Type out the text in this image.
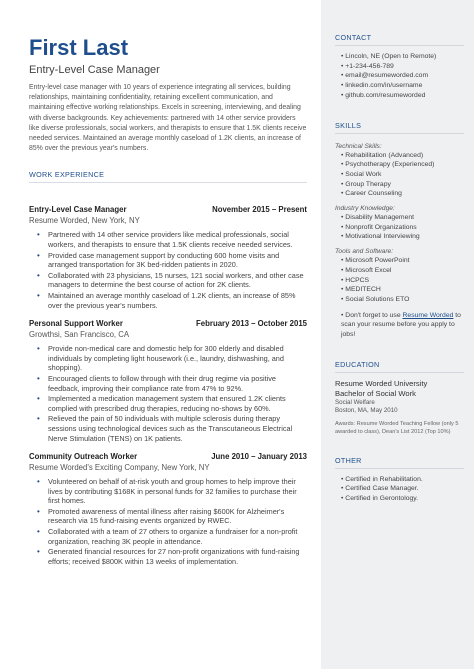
First Last
Entry-Level Case Manager
Entry-level case manager with 10 years of experience integrating all services, building relationships, maintaining confidentiality, retaining excellent communication, and maintaining effective working relationships. Excels in screening, interviewing, and dealing with diverse backgrounds. Key achievements: partnered with 14 other service providers like diverse professionals, social workers, and therapists to ensure that 1.5K clients receive needed services. Maintained an average monthly caseload of 1.2K clients, an increase of 85% over the previous year's numbers.
WORK EXPERIENCE
Entry-Level Case Manager	November 2015 – Present
Resume Worded, New York, NY
• Partnered with 14 other service providers like medical professionals, social workers, and therapists to ensure that 1.5K clients receive needed services.
• Provided case management support by conducting 600 home visits and arranged transportation for 3K bed-ridden patients in 2020.
• Collaborated with 23 physicians, 15 nurses, 121 social workers, and other case managers to determine the best course of action for 2K clients.
• Maintained an average monthly caseload of 1.2K clients, an increase of 85% over the previous year's numbers.
Personal Support Worker	February 2013 – October 2015
Growthsi, San Francisco, CA
• Provide non-medical care and domestic help for 300 elderly and disabled individuals by completing light housework (i.e., laundry, dishwashing, and shopping).
• Encouraged clients to follow through with their drug regime via positive feedback, improving their compliance rate from 47% to 92%.
• Implemented a medication management system that ensured 1.2K clients complied with prescribed drug therapies, reducing no-shows by 60%.
• Relieved the pain of 50 individuals with multiple sclerosis during therapy sessions using technological devices such as the Transcutaneous Electrical Nerve Stimulation (TENS) on 1K patients.
Community Outreach Worker	June 2010 – January 2013
Resume Worded's Exciting Company, New York, NY
• Volunteered on behalf of at-risk youth and group homes to help improve their lives by contributing $168K in personal funds for 32 families to purchase their first homes.
• Promoted awareness of mental illness after raising $600K for Alzheimer's research via 15 fund-raising events organized by RWEC.
• Collaborated with a team of 27 others to organize a fundraiser for a non-profit organization, reaching 3K people in attendance.
• Generated financial resources for 27 non-profit organizations with fund-raising efforts; received $800K within 13 weeks of implementation.
CONTACT
• Lincoln, NE (Open to Remote)
• +1-234-456-789
• email@resumeworded.com
• linkedin.com/in/username
• github.com/resumeworded
SKILLS
Technical Skills:
• Rehabilitation (Advanced)
• Psychotherapy (Experienced)
• Social Work
• Group Therapy
• Career Counseling
Industry Knowledge:
• Disability Management
• Nonprofit Organizations
• Motivational Interviewing
Tools and Software:
• Microsoft PowerPoint
• Microsoft Excel
• HCPCS
• MEDITECH
• Social Solutions ETO
• Don't forget to use Resume Worded to scan your resume before you apply to jobs!
EDUCATION
Resume Worded University
Bachelor of Social Work
Social Welfare
Boston, MA, May 2010
Awards: Resume Worded Teaching Fellow (only 5 awarded to class), Dean's List 2012 (Top 10%)
OTHER
• Certified in Rehabilitation.
• Certified Case Manager.
• Certified in Gerontology.
